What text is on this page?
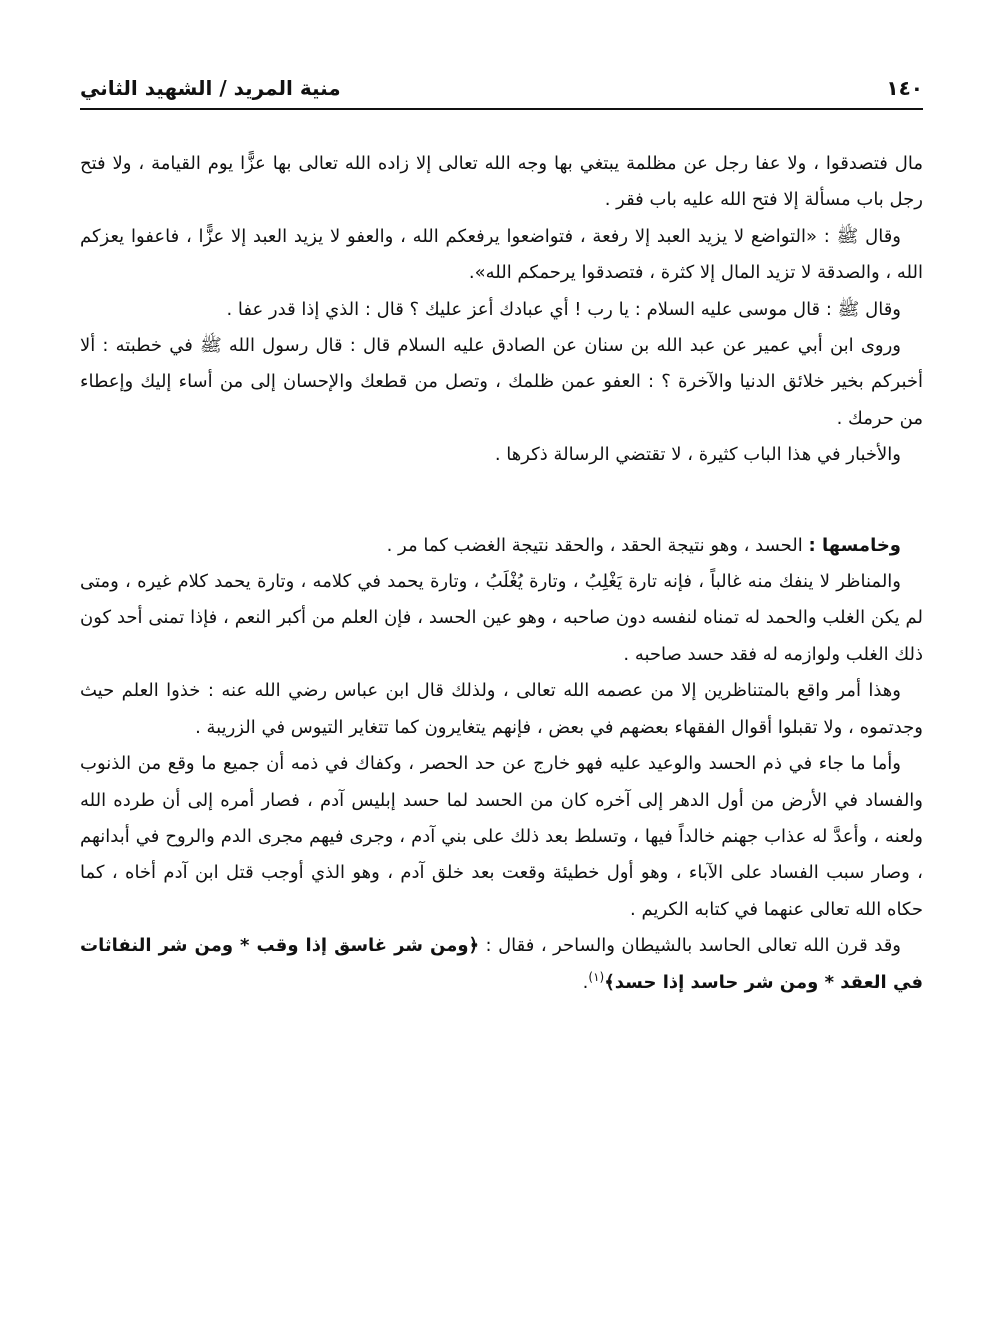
١٤٠
منية المريد / الشهيد الثاني

مال فتصدقوا ، ولا عفا رجل عن مظلمة يبتغي بها وجه الله تعالى إلا زاده الله تعالى بها عزًّا يوم القيامة ، ولا فتح رجل باب مسألة إلا فتح الله عليه باب فقر .

وقال ﷺ : «التواضع لا يزيد العبد إلا رفعة ، فتواضعوا يرفعكم الله ، والعفو لا يزيد العبد إلا عزًّا ، فاعفوا يعزكم الله ، والصدقة لا تزيد المال إلا كثرة ، فتصدقوا يرحمكم الله».

وقال ﷺ : قال موسى عليه السلام : يا رب ! أي عبادك أعز عليك ؟ قال : الذي إذا قدر عفا .

وروى ابن أبي عمير عن عبد الله بن سنان عن الصادق عليه السلام قال : قال رسول الله ﷺ في خطبته : ألا أخبركم بخير خلائق الدنيا والآخرة ؟ : العفو عمن ظلمك ، وتصل من قطعك والإحسان إلى من أساء إليك وإعطاء من حرمك .

والأخبار في هذا الباب كثيرة ، لا تقتضي الرسالة ذكرها .

وخامسها : الحسد ، وهو نتيجة الحقد ، والحقد نتيجة الغضب كما مر .

والمناظر لا ينفك منه غالباً ، فإنه تارة يَغْلِبُ ، وتارة يُغْلَبُ ، وتارة يحمد في كلامه ، وتارة يحمد كلام غيره ، ومتى لم يكن الغلب والحمد له تمناه لنفسه دون صاحبه ، وهو عين الحسد ، فإن العلم من أكبر النعم ، فإذا تمنى أحد كون ذلك الغلب ولوازمه له فقد حسد صاحبه .

وهذا أمر واقع بالمتناظرين إلا من عصمه الله تعالى ، ولذلك قال ابن عباس رضي الله عنه : خذوا العلم حيث وجدتموه ، ولا تقبلوا أقوال الفقهاء بعضهم في بعض ، فإنهم يتغايرون كما تتغاير التيوس في الزريبة .

وأما ما جاء في ذم الحسد والوعيد عليه فهو خارج عن حد الحصر ، وكفاك في ذمه أن جميع ما وقع من الذنوب والفساد في الأرض من أول الدهر إلى آخره كان من الحسد لما حسد إبليس آدم ، فصار أمره إلى أن طرده الله ولعنه ، وأعدَّ له عذاب جهنم خالداً فيها ، وتسلط بعد ذلك على بني آدم ، وجرى فيهم مجرى الدم والروح في أبدانهم ، وصار سبب الفساد على الآباء ، وهو أول خطيئة وقعت بعد خلق آدم ، وهو الذي أوجب قتل ابن آدم أخاه ، كما حكاه الله تعالى عنهما في كتابه الكريم .

وقد قرن الله تعالى الحاسد بالشيطان والساحر ، فقال : ﴿ومن شر غاسق إذا وقب * ومن شر النفاثات في العقد * ومن شر حاسد إذا حسد﴾$^{(١)}$.
